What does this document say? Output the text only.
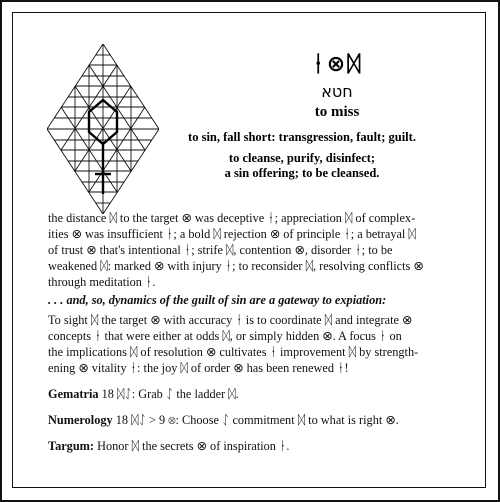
ᚽ⊗ᛞ
חטא
to miss
to sin, fall short: transgression, fault; guilt.
to cleanse, purify, disinfect;
a sin offering; to be cleansed.
the distance ᛞ to the target ⊗ was deceptive ᚽ; appreciation ᛞ of complex-
ities ⊗ was insufficient ᚽ; a bold ᛞ rejection ⊗ of principle ᚽ; a betrayal ᛞ
of trust ⊗ that's intentional ᚽ; strife ᛞ, contention ⊗, disorder ᚽ; to be
weakened ᛞ: marked ⊗ with injury ᚽ; to reconsider ᛞ, resolving conflicts ⊗
through meditation ᚽ.
. . . and, so, dynamics of the guilt of sin are a gateway to expiation:
To sight ᛞ the target ⊗ with accuracy ᚽ is to coordinate ᛞ and integrate ⊗
concepts ᚽ that were either at odds ᛞ, or simply hidden ⊗. A focus ᚽ on
the implications ᛞ of resolution ⊗ cultivates ᚽ improvement ᛞ by strength-
ening ⊗ vitality ᚽ: the joy ᛞ of order ⊗ has been renewed ᚽ!
Gematria 18 ᛞᛇ: Grab ᛇ the ladder ᛞ.
Numerology 18 ᛞᛇ > 9 ⊗: Choose ᛇ commitment ᛞ to what is right ⊗.
Targum: Honor ᛞ the secrets ⊗ of inspiration ᚽ.
